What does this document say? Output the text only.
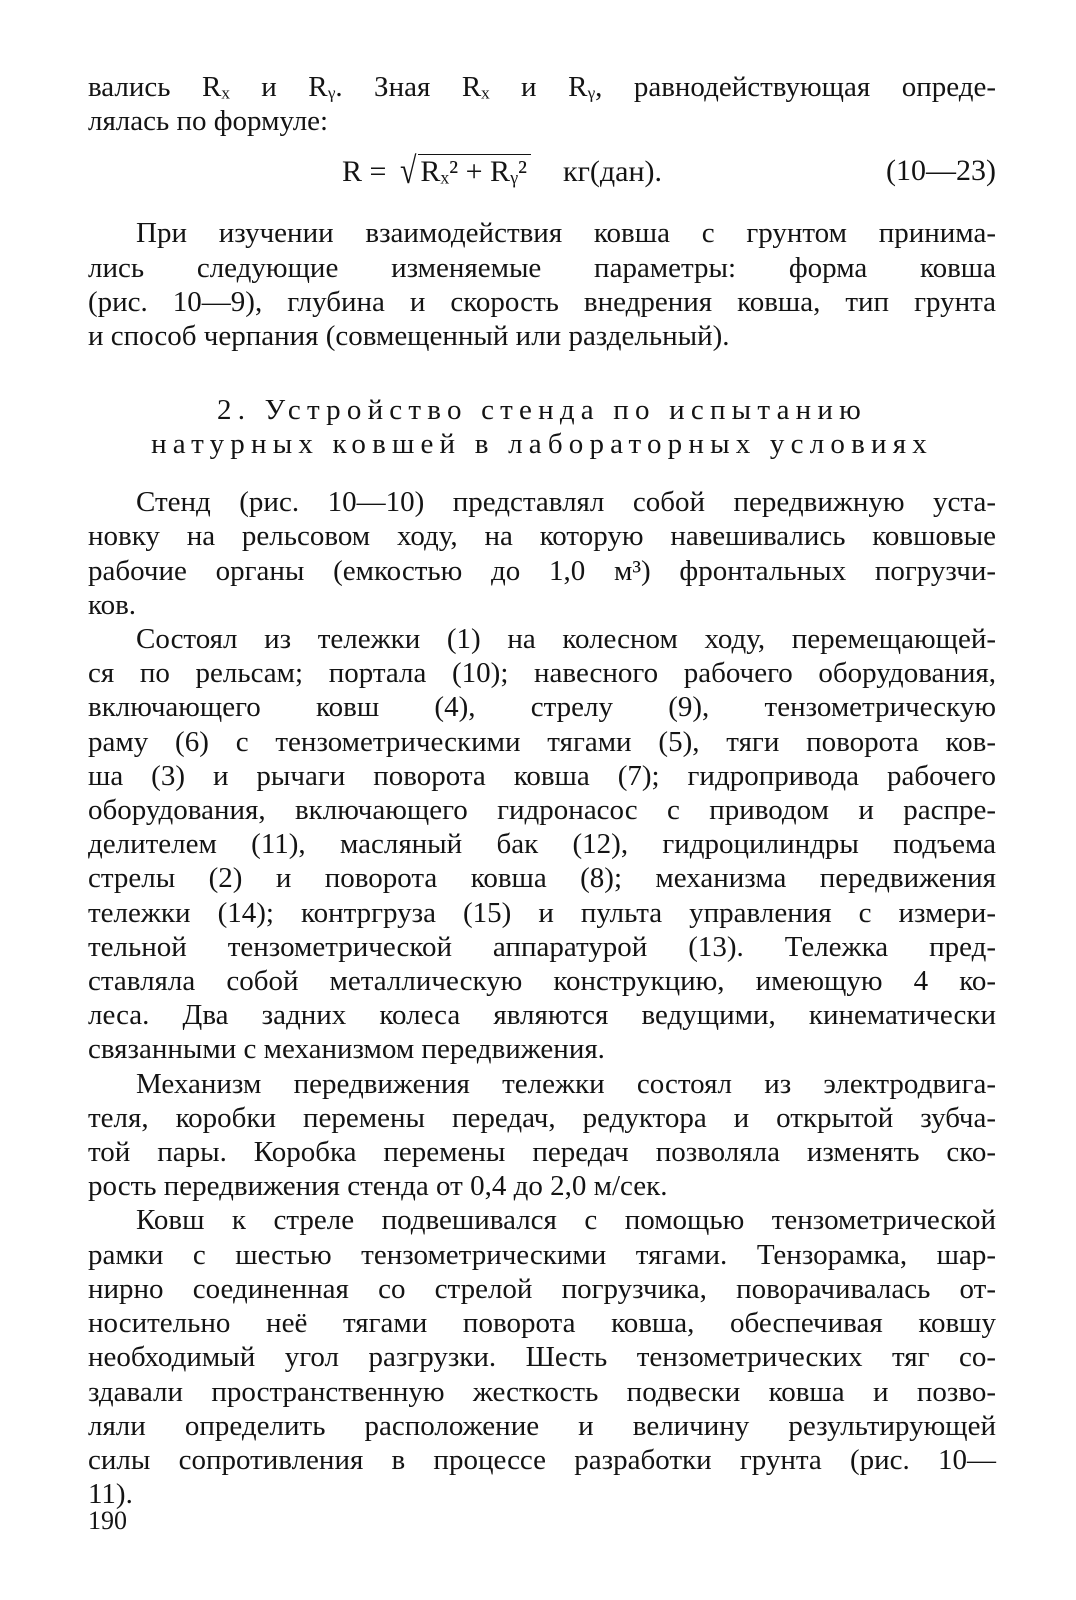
вались Rₓ и Rᵧ. Зная Rₓ и Rᵧ, равнодействующая опреде-
лялась по формуле:

R = √ Rₓ² + Rᵧ² кг(дан).	(10—23)

При изучении взаимодействия ковша с грунтом принима-
лись следующие изменяемые параметры: форма ковша
(рис. 10—9), глубина и скорость внедрения ковша, тип грунта
и способ черпания (совмещенный или раздельный).

2. Устройство стенда по испытанию
натурных ковшей в лабораторных условиях

Стенд (рис. 10—10) представлял собой передвижную уста-
новку на рельсовом ходу, на которую навешивались ковшовые
рабочие органы (емкостью до 1,0 м³) фронтальных погрузчи-
ков.

Состоял из тележки (1) на колесном ходу, перемещающей-
ся по рельсам; портала (10); навесного рабочего оборудования,
включающего ковш (4), стрелу (9), тензометрическую
раму (6) с тензометрическими тягами (5), тяги поворота ков-
ша (3) и рычаги поворота ковша (7); гидропривода рабочего
оборудования, включающего гидронасос с приводом и распре-
делителем (11), масляный бак (12), гидроцилиндры подъема
стрелы (2) и поворота ковша (8); механизма передвижения
тележки (14); контргруза (15) и пульта управления с измери-
тельной тензометрической аппаратурой (13). Тележка пред-
ставляла собой металлическую конструкцию, имеющую 4 ко-
леса. Два задних колеса являются ведущими, кинематически
связанными с механизмом передвижения.

Механизм передвижения тележки состоял из электродвига-
теля, коробки перемены передач, редуктора и открытой зубча-
той пары. Коробка перемены передач позволяла изменять ско-
рость передвижения стенда от 0,4 до 2,0 м/сек.

Ковш к стреле подвешивался с помощью тензометрической
рамки с шестью тензометрическими тягами. Тензорамка, шар-
нирно соединенная со стрелой погрузчика, поворачивалась от-
носительно неё тягами поворота ковша, обеспечивая ковшу
необходимый угол разгрузки. Шесть тензометрических тяг со-
здавали пространственную жесткость подвески ковша и позво-
ляли определить расположение и величину результирующей
силы сопротивления в процессе разработки грунта (рис. 10—
11).

190
